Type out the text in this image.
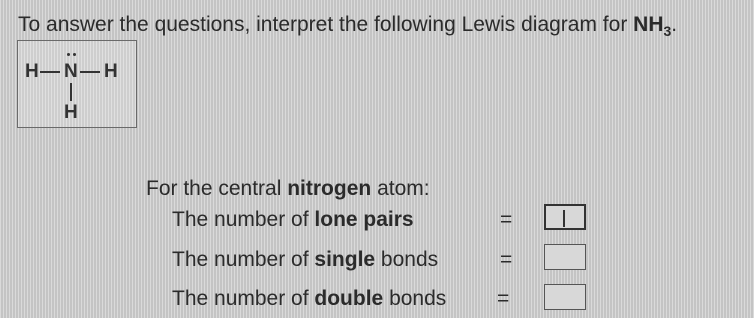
To answer the questions, interpret the following Lewis diagram for $NH_3$.
H N H
H
For the central nitrogen atom:
The number of lone pairs	=
The number of single bonds	=
The number of double bonds =
